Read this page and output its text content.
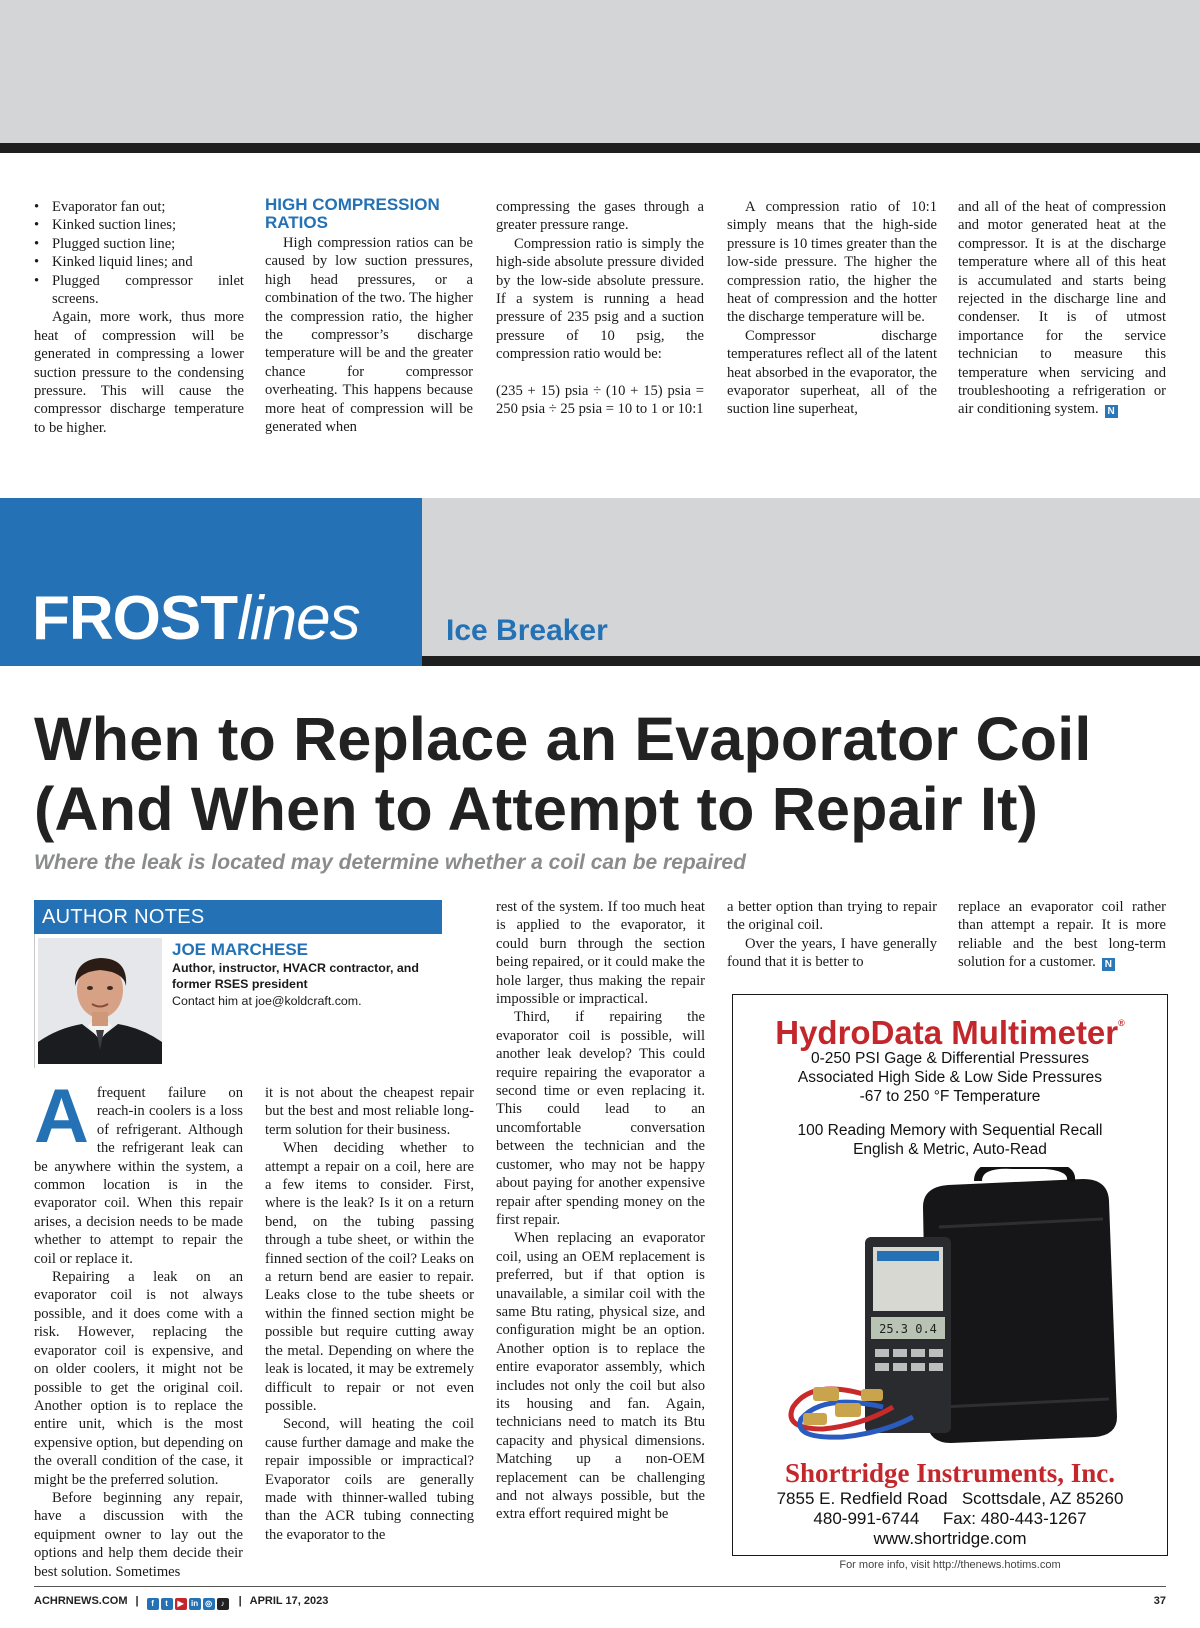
• Evaporator fan out;
• Kinked suction lines;
• Plugged suction line;
• Kinked liquid lines; and
• Plugged compressor inlet screens.

Again, more work, thus more heat of compression will be generated in compressing a lower suction pressure to the condensing pressure. This will cause the compressor discharge temperature to be higher.

HIGH COMPRESSION RATIOS

High compression ratios can be caused by low suction pressures, high head pressures, or a combination of the two. The higher the compression ratio, the higher the compressor’s discharge temperature will be and the greater chance for compressor overheating. This happens because more heat of compression will be generated when

compressing the gases through a greater pressure range.

Compression ratio is simply the high-side absolute pressure divided by the low-side absolute pressure. If a system is running a head pressure of 235 psig and a suction pressure of 10 psig, the compression ratio would be:

(235 + 15) psia ÷ (10 + 15) psia = 250 psia ÷ 25 psia = 10 to 1 or 10:1

A compression ratio of 10:1 simply means that the high-side pressure is 10 times greater than the low-side pressure. The higher the compression ratio, the higher the heat of compression and the hotter the discharge temperature will be.

Compressor discharge temperatures reflect all of the latent heat absorbed in the evaporator, the evaporator superheat, all of the suction line superheat,

and all of the heat of compression and motor generated heat at the compressor. It is at the discharge temperature where all of this heat is accumulated and starts being rejected in the discharge line and condenser. It is of utmost importance for the service technician to measure this temperature when servicing and troubleshooting a refrigeration or air conditioning system. N

FROSTlines	Ice Breaker
When to Replace an Evaporator Coil (And When to Attempt to Repair It)
Where the leak is located may determine whether a coil can be repaired
AUTHOR NOTES
JOE MARCHESE
Author, instructor, HVACR contractor, and former RSES president
Contact him at joe@koldcraft.com.

Afrequent failure on reach-in coolers is a loss of refrigerant. Although the refrigerant leak can be anywhere within the system, a common location is in the evaporator coil. When this repair arises, a decision needs to be made whether to attempt to repair the coil or replace it.

Repairing a leak on an evaporator coil is not always possible, and it does come with a risk. However, replacing the evaporator coil is expensive, and on older coolers, it might not be possible to get the original coil. Another option is to replace the entire unit, which is the most expensive option, but depending on the overall condition of the case, it might be the preferred solution.

Before beginning any repair, have a discussion with the equipment owner to lay out the options and help them decide their best solution. Sometimes

it is not about the cheapest repair but the best and most reliable long-term solution for their business.

When deciding whether to attempt a repair on a coil, here are a few items to consider. First, where is the leak? Is it on a return bend, on the tubing passing through a tube sheet, or within the finned section of the coil? Leaks on a return bend are easier to repair. Leaks close to the tube sheets or within the finned section might be possible but require cutting away the metal. Depending on where the leak is located, it may be extremely difficult to repair or not even possible.

Second, will heating the coil cause further damage and make the repair impossible or impractical? Evaporator coils are generally made with thinner-walled tubing than the ACR tubing connecting the evaporator to the

rest of the system. If too much heat is applied to the evaporator, it could burn through the section being repaired, or it could make the hole larger, thus making the repair impossible or impractical.

Third, if repairing the evaporator coil is possible, will another leak develop? This could require repairing the evaporator a second time or even replacing it. This could lead to an uncomfortable conversation between the technician and the customer, who may not be happy about paying for another expensive repair after spending money on the first repair.

When replacing an evaporator coil, using an OEM replacement is preferred, but if that option is unavailable, a similar coil with the same Btu rating, physical size, and configuration might be an option. Another option is to replace the entire evaporator assembly, which includes not only the coil but also its housing and fan. Again, technicians need to match its Btu capacity and physical dimensions. Matching up a non-OEM replacement can be challenging and not always possible, but the extra effort required might be

a better option than trying to repair the original coil.

Over the years, I have generally found that it is better to

replace an evaporator coil rather than attempt a repair. It is more reliable and the best long-term solution for a customer. N

HydroData Multimeter®
0-250 PSI Gage & Differential Pressures
Associated High Side & Low Side Pressures
-67 to 250 °F Temperature
100 Reading Memory with Sequential Recall
English & Metric, Auto-Read
25.3 0.4
Shortridge Instruments, Inc.
7855 E. Redfield Road Scottsdale, AZ 85260
480-991-6744 Fax: 480-443-1267
www.shortridge.com
For more info, visit http://thenews.hotims.com
ACHRNEWS.COM | f t ▶ in ◎ ♪ | APRIL 17, 2023	37
